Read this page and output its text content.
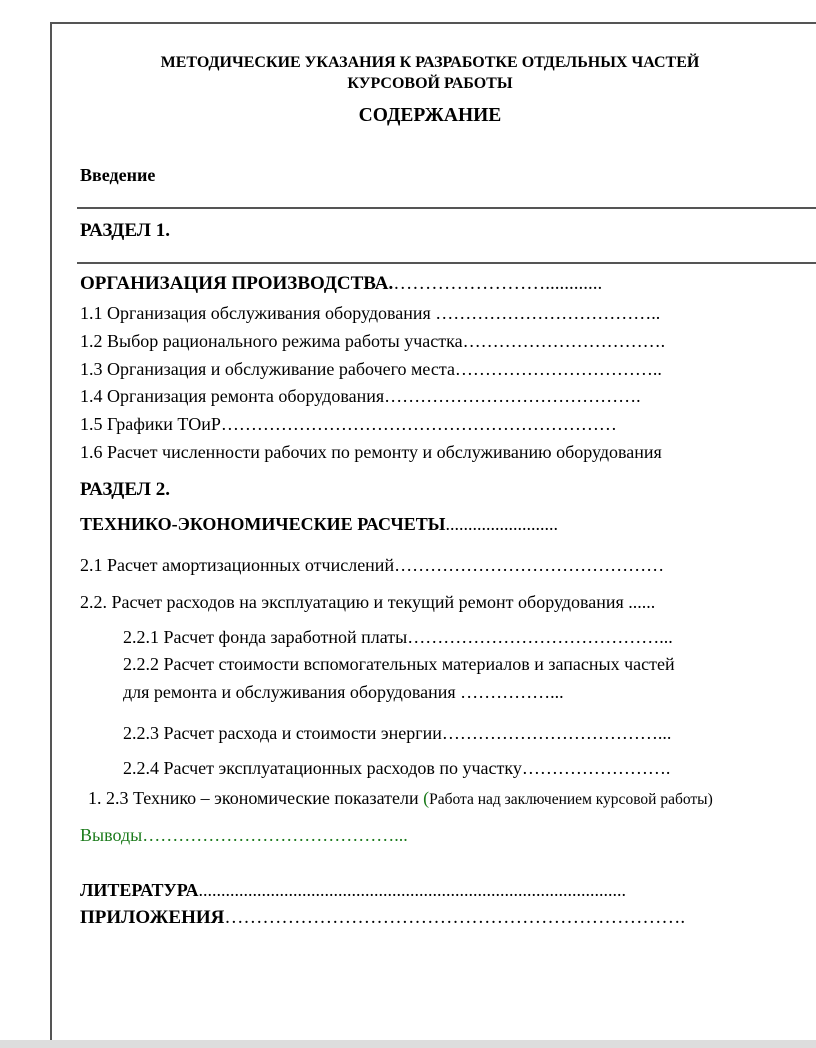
МЕТОДИЧЕСКИЕ УКАЗАНИЯ К РАЗРАБОТКЕ ОТДЕЛЬНЫХ ЧАСТЕЙ
КУРСОВОЙ РАБОТЫ
СОДЕРЖАНИЕ
Введение
РАЗДЕЛ 1.
ОРГАНИЗАЦИЯ ПРОИЗВОДСТВА.……………………............
1.1 Организация обслуживания оборудования ………………………………..
1.2 Выбор рационального режима работы участка…………………………….
1.3 Организация и обслуживание рабочего места……………………………..
1.4 Организация ремонта оборудования…………………………………….
1.5 Графики ТОиР…………………………………………………………
1.6 Расчет численности рабочих по ремонту и обслуживанию оборудования
РАЗДЕЛ 2.
ТЕХНИКО-ЭКОНОМИЧЕСКИЕ РАСЧЕТЫ.........................
2.1 Расчет амортизационных отчислений………………………………………
2.2. Расчет расходов на эксплуатацию и текущий ремонт оборудования ......
2.2.1 Расчет фонда заработной платы……………………………………...
2.2.2 Расчет стоимости вспомогательных материалов и запасных частей
для ремонта и обслуживания оборудования ……………...
2.2.3 Расчет расхода и стоимости энергии………………………………...
2.2.4 Расчет эксплуатационных расходов по участку…………………….
1. 2.3 Технико – экономические показатели (Работа над заключением курсовой работы)
Выводы……………………………………...
ЛИТЕРАТУРА...............................................................................................
ПРИЛОЖЕНИЯ……………………………………………………………….
